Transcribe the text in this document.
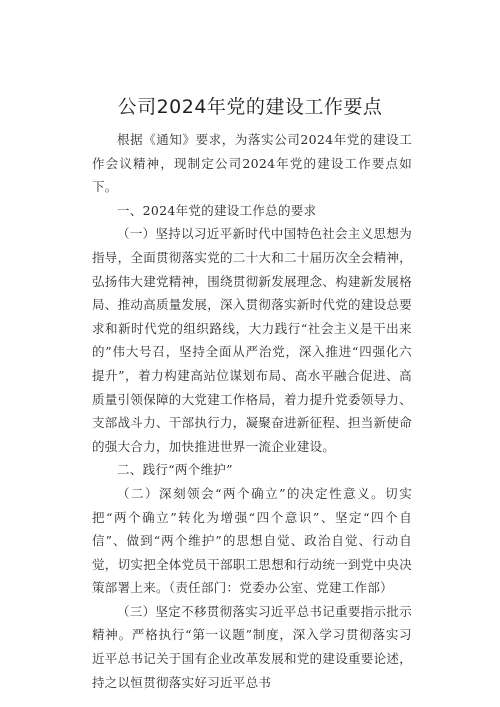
公司2024年党的建设工作要点

根据《通知》要求，为落实公司2024年党的建设工作会议精神，现制定公司2024年党的建设工作要点如下。

一、2024年党的建设工作总的要求

（一）坚持以习近平新时代中国特色社会主义思想为指导，全面贯彻落实党的二十大和二十届历次全会精神，弘扬伟大建党精神，围绕贯彻新发展理念、构建新发展格局、推动高质量发展，深入贯彻落实新时代党的建设总要求和新时代党的组织路线，大力践行“社会主义是干出来的”伟大号召，坚持全面从严治党，深入推进“四强化六提升”，着力构建高站位谋划布局、高水平融合促进、高质量引领保障的大党建工作格局，着力提升党委领导力、支部战斗力、干部执行力，凝聚奋进新征程、担当新使命的强大合力，加快推进世界一流企业建设。

二、践行“两个维护”

（二）深刻领会“两个确立”的决定性意义。切实把“两个确立”转化为增强“四个意识”、坚定“四个自信”、做到“两个维护”的思想自觉、政治自觉、行动自觉，切实把全体党员干部职工思想和行动统一到党中央决策部署上来。（责任部门：党委办公室、党建工作部）

（三）坚定不移贯彻落实习近平总书记重要指示批示精神。严格执行“第一议题”制度，深入学习贯彻落实习近平总书记关于国有企业改革发展和党的建设重要论述，持之以恒贯彻落实好习近平总书
